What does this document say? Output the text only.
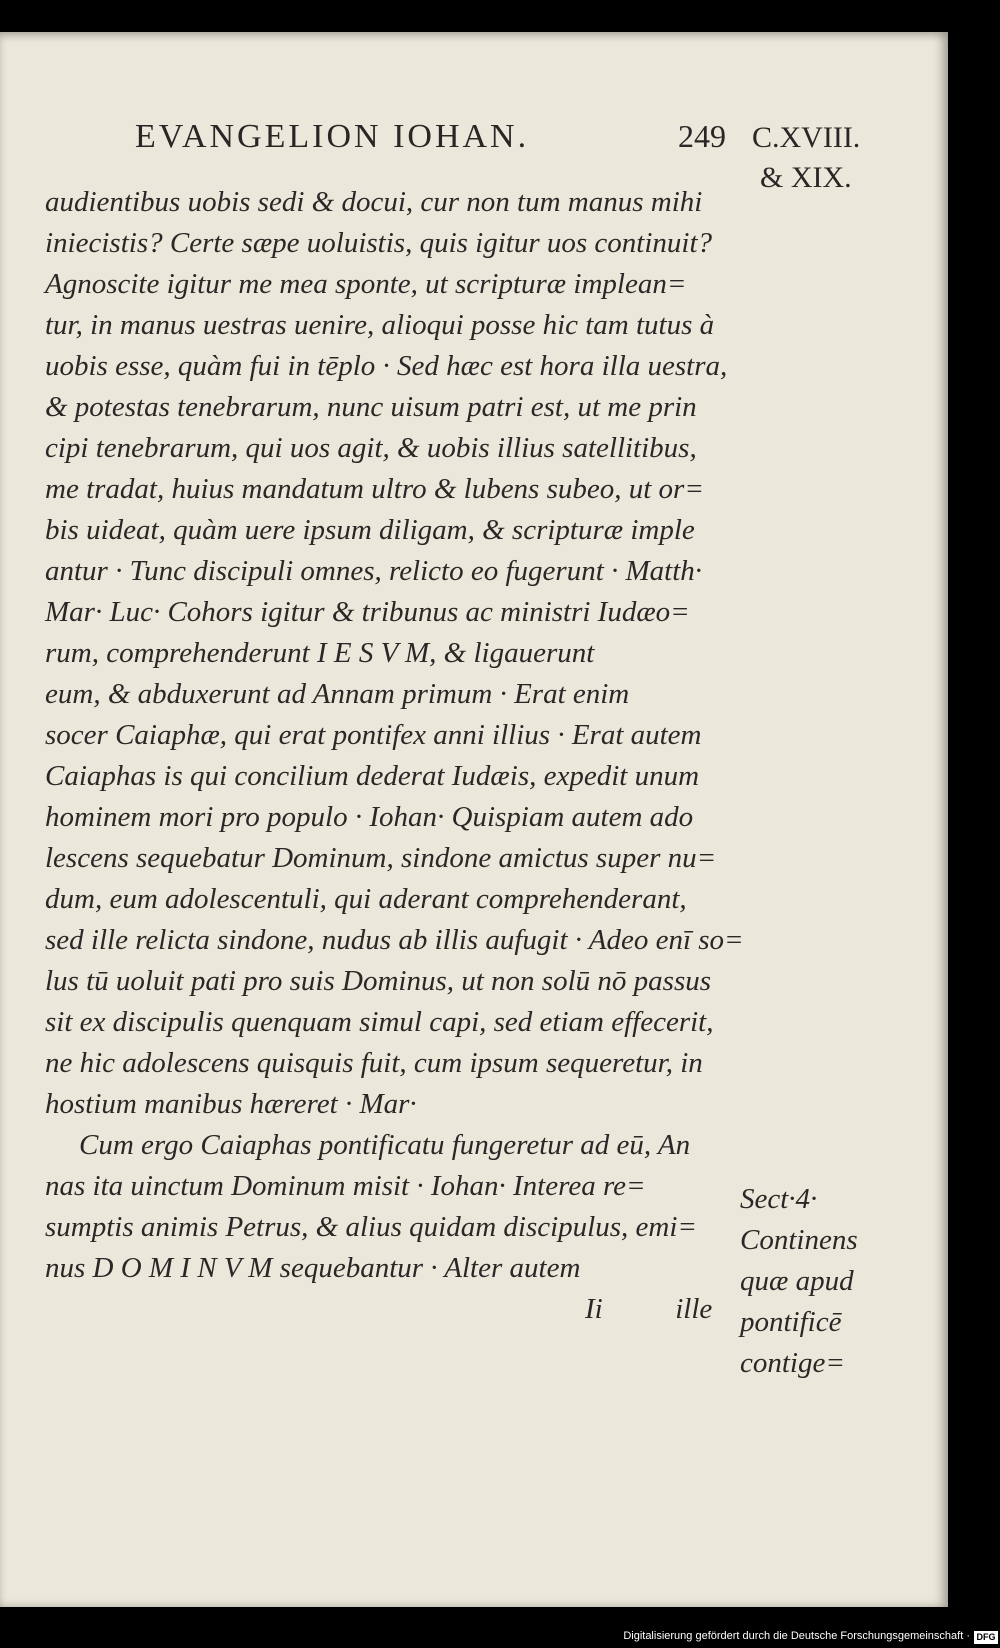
EVANGELION IOHAN.	249 C.XVIII.
& XIX.
audientibus uobis sedi & docui, cur non tum manus mihi
iniecistis? Certe sæpe uoluistis, quis igitur uos continuit?
Agnoscite igitur me mea sponte, ut scripturæ implean=
tur, in manus uestras uenire, alioqui posse hic tam tutus à
uobis esse, quàm fui in tēplo · Sed hæc est hora illa uestra,
& potestas tenebrarum, nunc uisum patri est, ut me prin
cipi tenebrarum, qui uos agit, & uobis illius satellitibus,
me tradat, huius mandatum ultro & lubens subeo, ut or=
bis uideat, quàm uere ipsum diligam, & scripturæ imple
antur · Tunc discipuli omnes, relicto eo fugerunt · Matth·
Mar· Luc· Cohors igitur & tribunus ac ministri Iudæo=
rum, comprehenderunt I E S V M, & ligauerunt
eum, & abduxerunt ad Annam primum · Erat enim
socer Caiaphæ, qui erat pontifex anni illius · Erat autem
Caiaphas is qui concilium dederat Iudæis, expedit unum
hominem mori pro populo · Iohan· Quispiam autem ado
lescens sequebatur Dominum, sindone amictus super nu=
dum, eum adolescentuli, qui aderant comprehenderant,
sed ille relicta sindone, nudus ab illis aufugit · Adeo enī so=
lus tū uoluit pati pro suis Dominus, ut non solū nō passus
sit ex discipulis quenquam simul capi, sed etiam effecerit,
ne hic adolescens quisquis fuit, cum ipsum sequeretur, in
hostium manibus hæreret · Mar·
Cum ergo Caiaphas pontificatu fungeretur ad eū, An
nas ita uinctum Dominum misit · Iohan· Interea re=
sumptis animis Petrus, & alius quidam discipulus, emi=
nus D O M I N V M sequebantur · Alter autem
Ii          ille
Sect·4·
Continens
quæ apud
pontificē
contige=
Digitalisierung gefördert durch die Deutsche Forschungsgemeinschaft · DFG
